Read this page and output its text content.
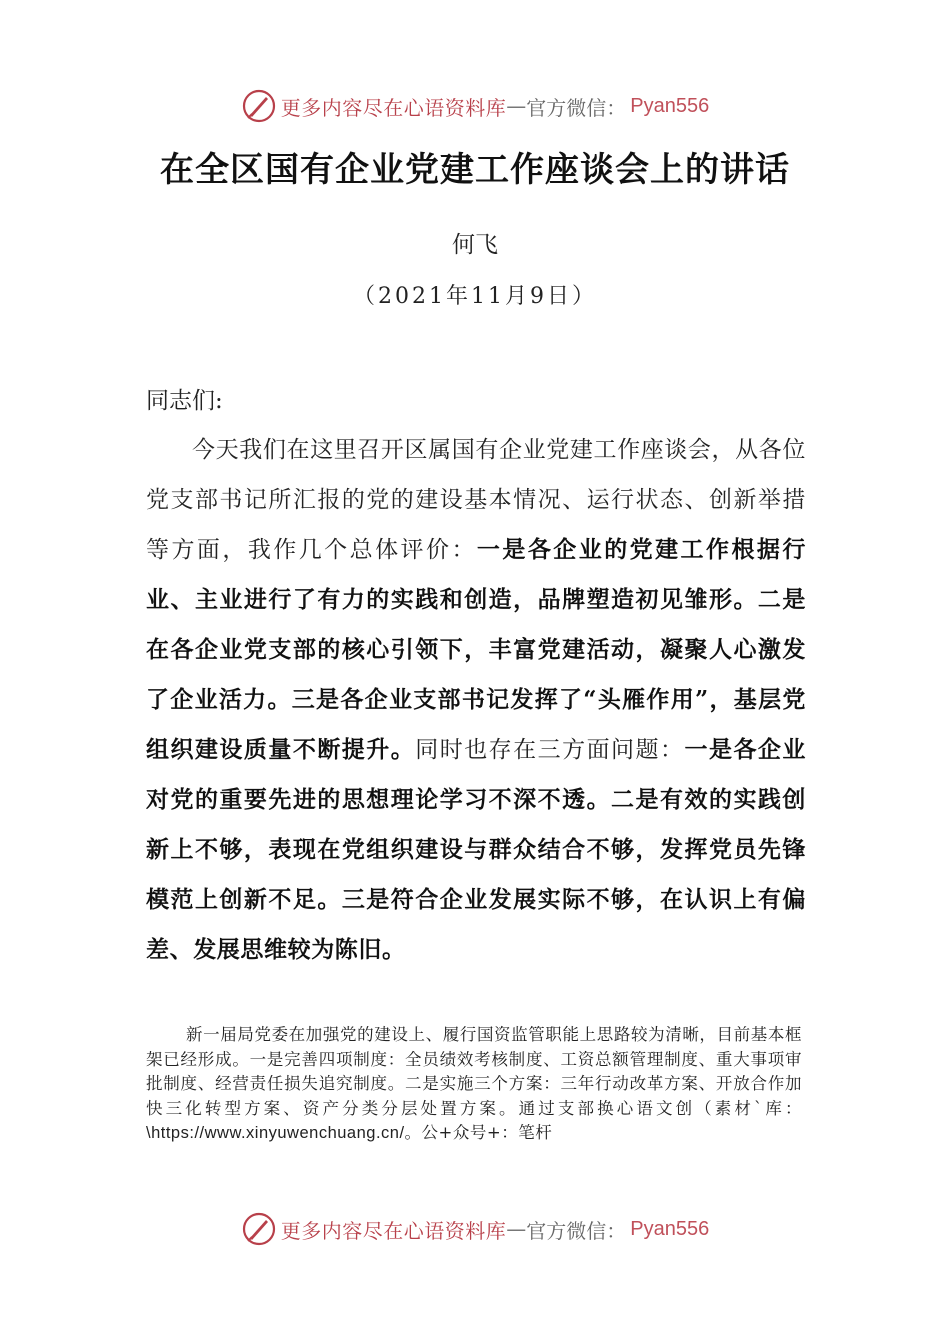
更多内容尽在心语资料库 — 官方微信： Pyan556
在全区国有企业党建工作座谈会上的讲话
何飞
（2021年11月9日）
同志们:
今天我们在这里召开区属国有企业党建工作座谈会，从各位党支部书记所汇报的党的建设基本情况、运行状态、创新举措等方面，我作几个总体评价：一是各企业的党建工作根据行业、主业进行了有力的实践和创造，品牌塑造初见雏形。二是在各企业党支部的核心引领下，丰富党建活动，凝聚人心激发了企业活力。三是各企业支部书记发挥了“头雁作用”，基层党组织建设质量不断提升。同时也存在三方面问题：一是各企业对党的重要先进的思想理论学习不深不透。二是有效的实践创新上不够，表现在党组织建设与群众结合不够，发挥党员先锋模范上创新不足。三是符合企业发展实际不够，在认识上有偏差、发展思维较为陈旧。
新一届局党委在加强党的建设上、履行国资监管职能上思路较为清晰，目前基本框架已经形成。一是完善四项制度：全员绩效考核制度、工资总额管理制度、重大事项审批制度、经营责任损失追究制度。二是实施三个方案：三年行动改革方案、开放合作加快三化转型方案、资产分类分层处置方案。通过支部换心语文创（素材`库：\https://www.xinyuwenchuang.cn/。公+众号+：笔杆
更多内容尽在心语资料库 — 官方微信： Pyan556
